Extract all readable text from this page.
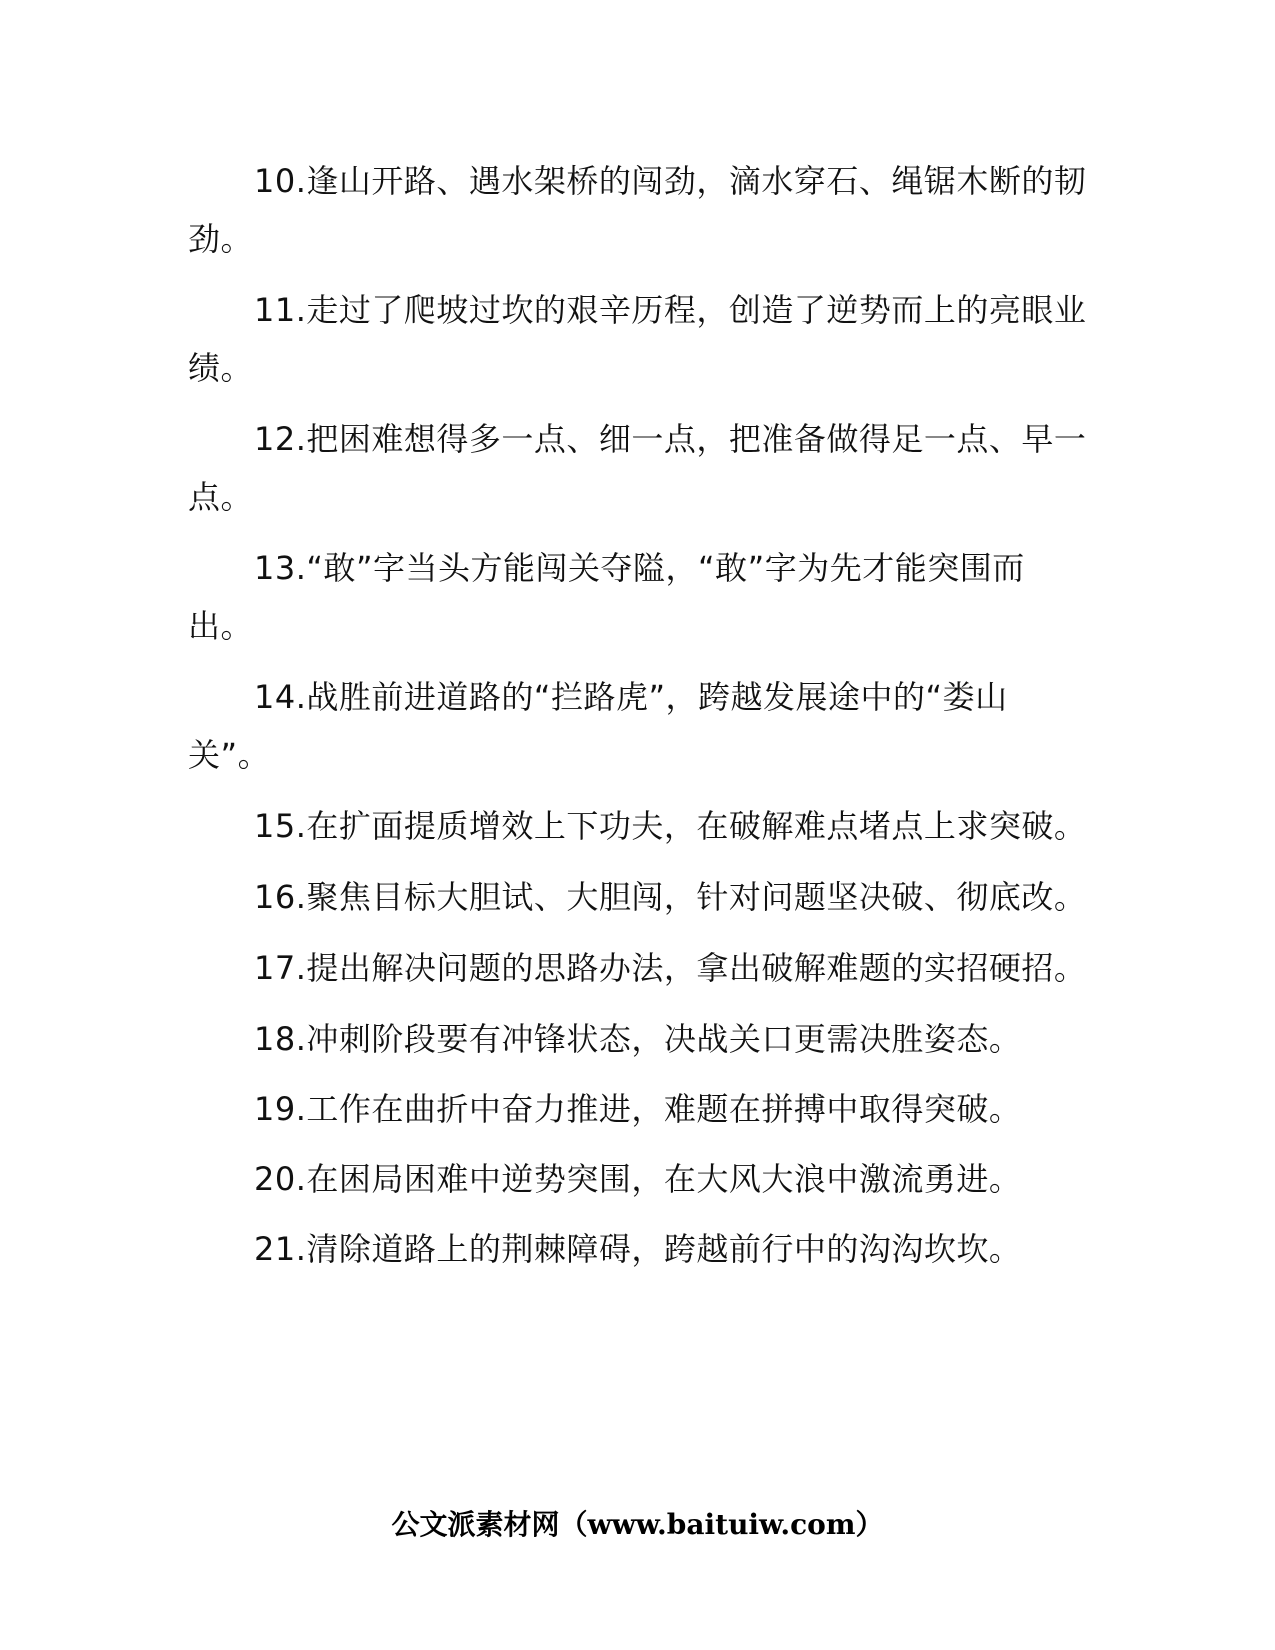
10.逢山开路、遇水架桥的闯劲，滴水穿石、绳锯木断的韧劲。

11.走过了爬坡过坎的艰辛历程，创造了逆势而上的亮眼业绩。

12.把困难想得多一点、细一点，把准备做得足一点、早一点。

13.“敢”字当头方能闯关夺隘，“敢”字为先才能突围而出。

14.战胜前进道路的“拦路虎”，跨越发展途中的“娄山关”。

15.在扩面提质增效上下功夫，在破解难点堵点上求突破。

16.聚焦目标大胆试、大胆闯，针对问题坚决破、彻底改。

17.提出解决问题的思路办法，拿出破解难题的实招硬招。

18.冲刺阶段要有冲锋状态，决战关口更需决胜姿态。

19.工作在曲折中奋力推进，难题在拼搏中取得突破。

20.在困局困难中逆势突围，在大风大浪中激流勇进。

21.清除道路上的荆棘障碍，跨越前行中的沟沟坎坎。

公文派素材网（www.baituiw.com）
